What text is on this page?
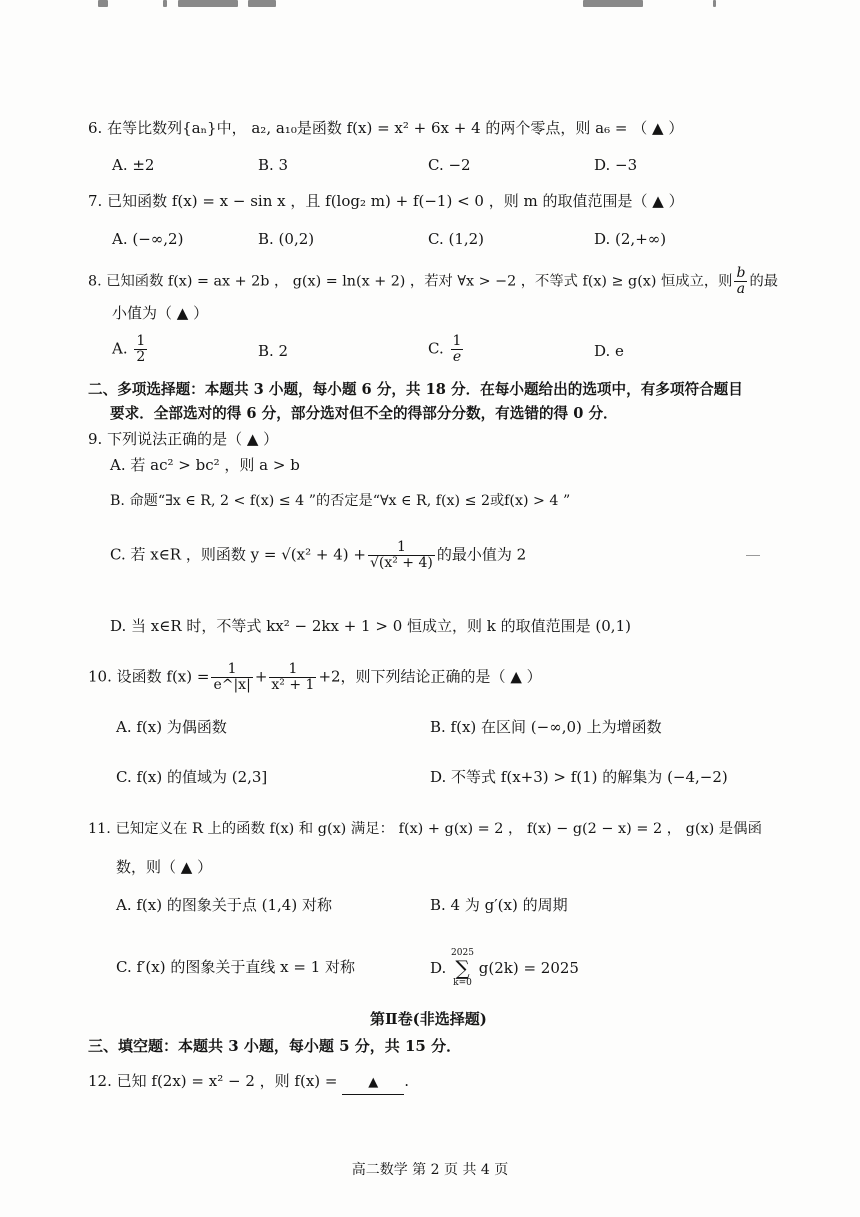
6. 在等比数列{aₙ}中， a₂, a₁₀是函数 f(x) = x² + 6x + 4 的两个零点，则 a₆ = （ ▲ ）
A. ±2	B. 3	C. −2	D. −3
7. 已知函数 f(x) = x − sin x ，且 f(log₂ m) + f(−1) < 0 ，则 m 的取值范围是（ ▲ ）
A. (−∞,2)	B. (0,2)	C. (1,2)	D. (2,+∞)
8. 已知函数 f(x) = ax + 2b ， g(x) = ln(x + 2) ，若对 ∀x > −2 ，不等式 f(x) ≥ g(x) 恒成立，则 $\frac{b}{a}$ 的最
小值为（ ▲ ）
A. $\frac{1}{2}$	B. 2	C. $\frac{1}{e}$	D. e
二、多项选择题：本题共 3 小题，每小题 6 分，共 18 分．在每小题给出的选项中，有多项符合题目
要求．全部选对的得 6 分，部分选对但不全的得部分分数，有选错的得 0 分．
9. 下列说法正确的是（ ▲ ）
A. 若 ac² > bc² ，则 a > b
B. 命题“∃x ∈ R, 2 < f(x) ≤ 4 ”的否定是“∀x ∈ R, f(x) ≤ 2或f(x) > 4 ”
C. 若 x∈R ，则函数 $y = √(x^2 + 4) + \frac{1}{\text{√(x² + 4)}}$ 的最小值为 2
D. 当 x∈R 时，不等式 kx² − 2kx + 1 > 0 恒成立，则 k 的取值范围是 (0,1)
10. 设函数 $f(x) = \frac{1}{e\^{}|x|} + \frac{1}{\text{x² + 1}} +2$，则下列结论正确的是（ ▲ ）
A. f(x) 为偶函数	B. f(x) 在区间 (−∞,0) 上为增函数
C. f(x) 的值域为 (2,3]	D. 不等式 f(x+3) > f(1) 的解集为 (−4,−2)
11. 已知定义在 R 上的函数 f(x) 和 g(x) 满足： f(x) + g(x) = 2 ， f(x) − g(2 − x) = 2 ， g(x) 是偶函
数，则（ ▲ ）
A. f(x) 的图象关于点 (1,4) 对称	B. 4 为 g′(x) 的周期
C. f′(x) 的图象关于直线 x = 1 对称	D. 2025
∑
k=0 g(2k) = 2025
第Ⅱ卷(非选择题)
三、填空题：本题共 3 小题，每小题 5 分，共 15 分．
12. 已知 f(2x) = x² − 2 ，则 f(x) = ▲ .
高二数学 第 2 页 共 4 页
